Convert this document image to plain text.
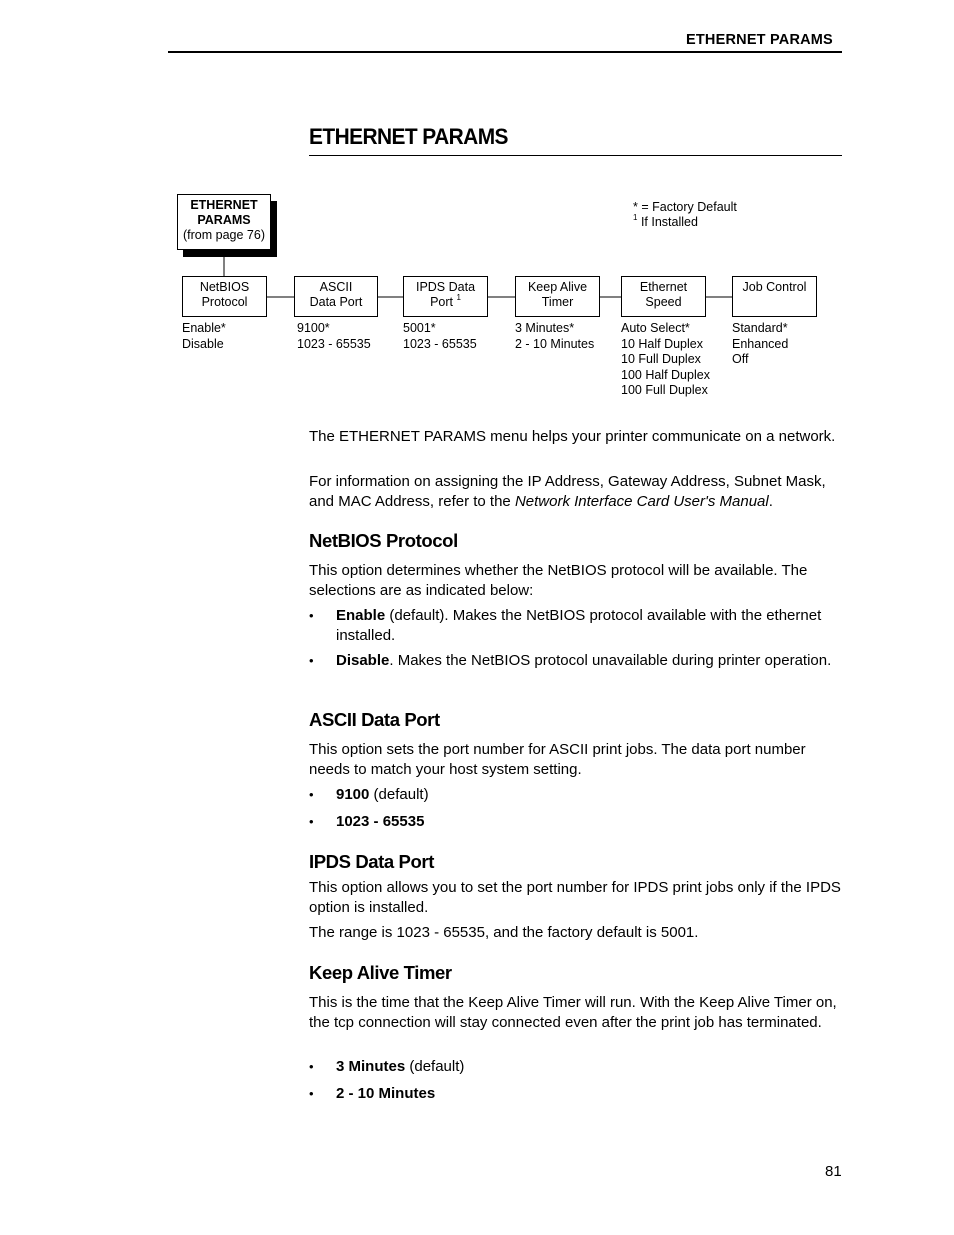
ETHERNET PARAMS
ETHERNET PARAMS
ETHERNET
PARAMS
(from page 76)
* = Factory Default
$^1$ If Installed
NetBIOS
Protocol
ASCII
Data Port
IPDS Data
Port $^1$
Keep Alive
Timer
Ethernet
Speed
Job Control
Enable*
Disable
9100*
1023 - 65535
5001*
1023 - 65535
3 Minutes*
2 - 10 Minutes
Auto Select*
10 Half Duplex
10 Full Duplex
100 Half Duplex
100 Full Duplex
Standard*
Enhanced
Off

The ETHERNET PARAMS menu helps your printer communicate on a network.

For information on assigning the IP Address, Gateway Address, Subnet Mask, and MAC Address, refer to the Network Interface Card User's Manual.

NetBIOS Protocol

This option determines whether the NetBIOS protocol will be available. The selections are as indicated below:

• Enable (default). Makes the NetBIOS protocol available with the ethernet installed.
• Disable. Makes the NetBIOS protocol unavailable during printer operation.
ASCII Data Port

This option sets the port number for ASCII print jobs. The data port number needs to match your host system setting.

• 9100 (default)
• 1023 - 65535
IPDS Data Port

This option allows you to set the port number for IPDS print jobs only if the IPDS option is installed.

The range is 1023 - 65535, and the factory default is 5001.

Keep Alive Timer

This is the time that the Keep Alive Timer will run. With the Keep Alive Timer on, the tcp connection will stay connected even after the print job has terminated.

• 3 Minutes (default)
• 2 - 10 Minutes
81
